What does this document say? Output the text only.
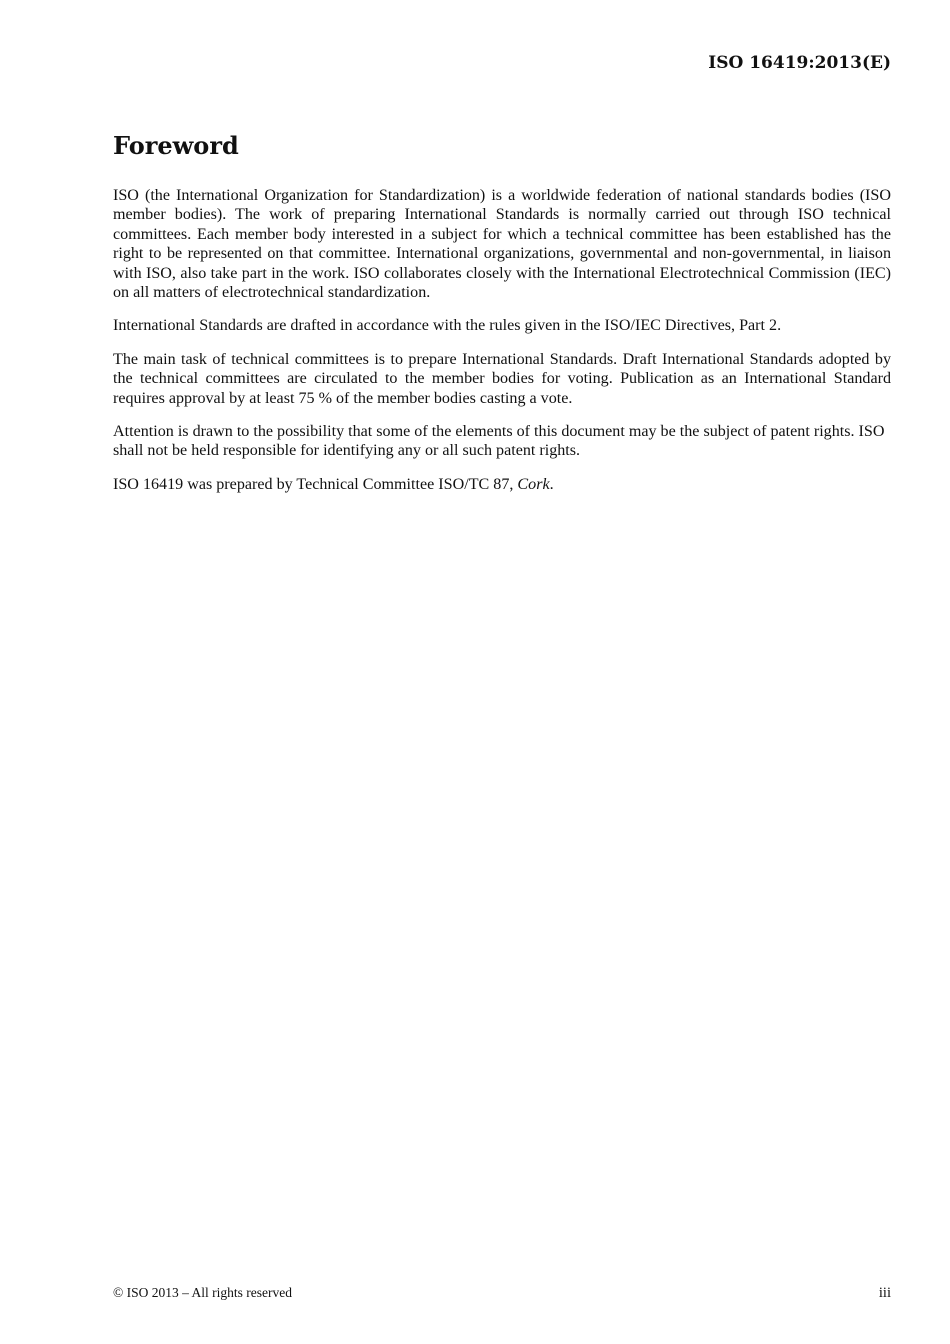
ISO 16419:2013(E)
Foreword

ISO (the International Organization for Standardization) is a worldwide federation of national standards bodies (ISO member bodies). The work of preparing International Standards is normally carried out through ISO technical committees. Each member body interested in a subject for which a technical committee has been established has the right to be represented on that committee. International organizations, governmental and non-governmental, in liaison with ISO, also take part in the work. ISO collaborates closely with the International Electrotechnical Commission (IEC) on all matters of electrotechnical standardization.

International Standards are drafted in accordance with the rules given in the ISO/IEC Directives, Part 2.

The main task of technical committees is to prepare International Standards. Draft International Standards adopted by the technical committees are circulated to the member bodies for voting. Publication as an International Standard requires approval by at least 75 % of the member bodies casting a vote.

Attention is drawn to the possibility that some of the elements of this document may be the subject of patent rights. ISO shall not be held responsible for identifying any or all such patent rights.

ISO 16419 was prepared by Technical Committee ISO/TC 87, Cork.

© ISO 2013 – All rights reserved	iii
